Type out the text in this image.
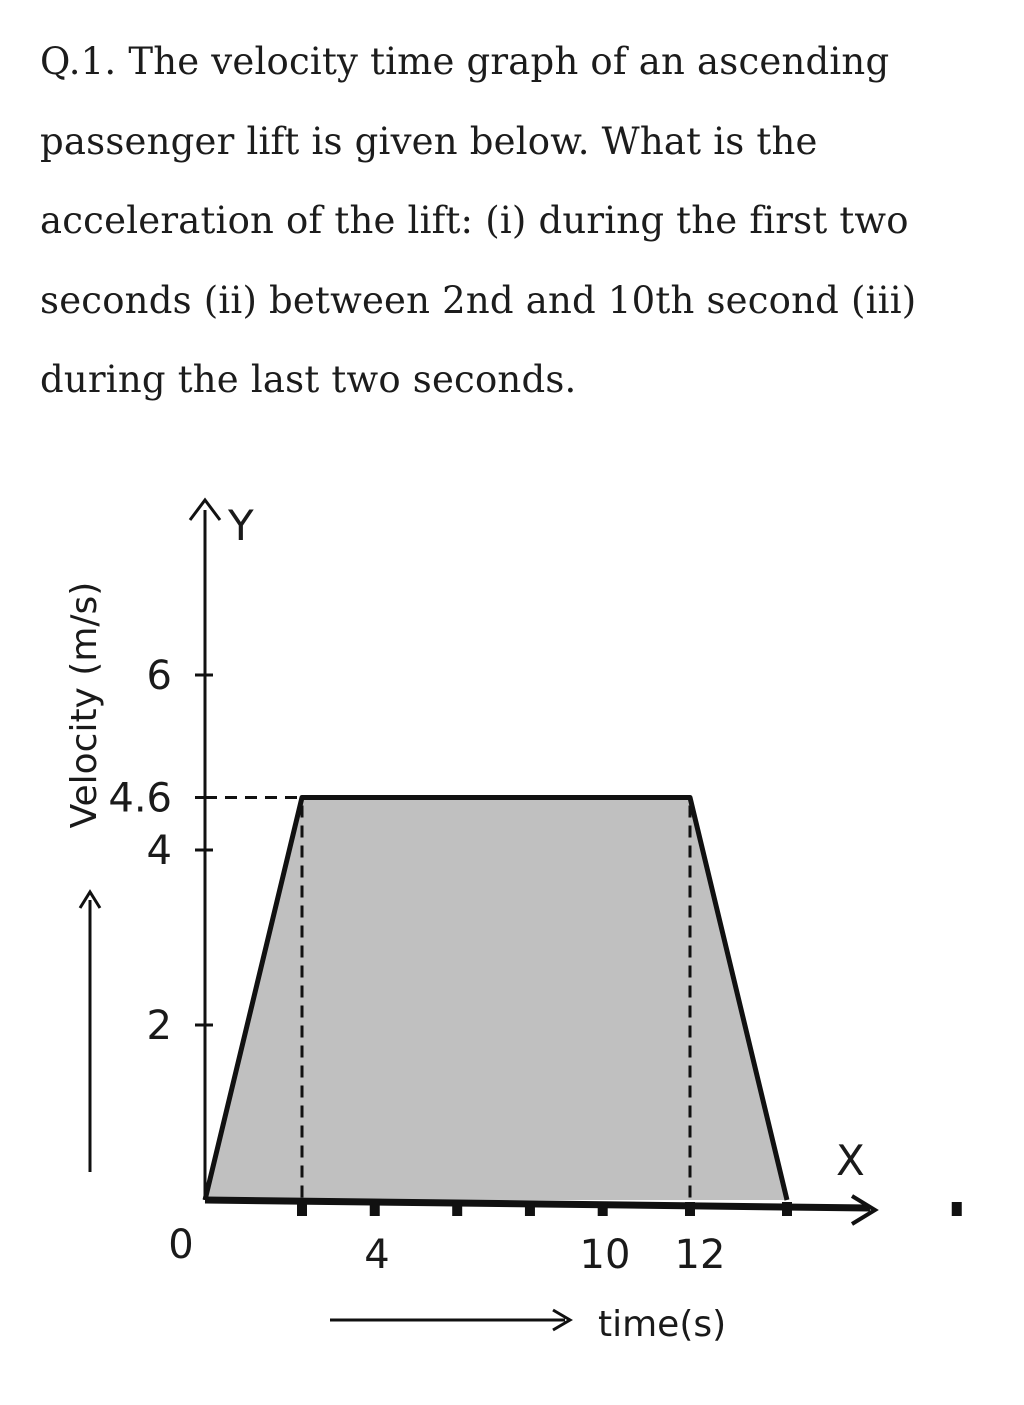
Q.1. The velocity time graph of an ascending passenger lift is given below. What is the acceleration of the lift: (i) during the first two seconds (ii) between 2nd and 10th second (iii) during the last two seconds.

2
4
4.6
6
4	10 12
0
Y
X
Velocity (m/s)
time(s)
